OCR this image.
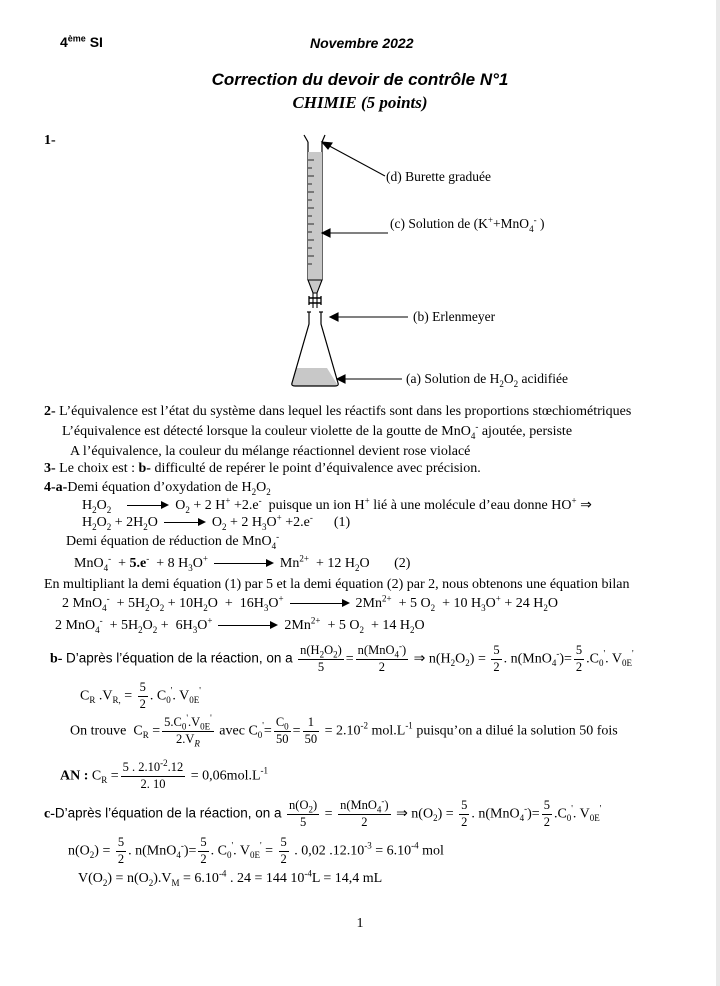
4ème SI	Novembre 2022
Correction du devoir de contrôle N°1
CHIMIE (5 points)
1-
(d) Burette graduée
(c) Solution de (K++MnO$_4$- )
(b) Erlenmeyer
(a) Solution de $H_2O_2$ acidifiée
2- L’équivalence est l’état du système dans lequel les réactifs sont dans les proportions stœchiométriques
L’équivalence est détecté lorsque la couleur violette de la goutte de MnO$_4$- ajoutée, persiste
A l’équivalence, la couleur du mélange réactionnel devient rose violacé
3- Le choix est : b- difficulté de repérer le point d’équivalence avec précision.
4-a-Demi équation d’oxydation de $H_2O_2$
$H_2O_2$	$O_2 + 2$ H+ +2.e- puisque un ion H+ lié à une molécule d’eau donne HO+ ⇒
$H_2O_2 + 2H_2O$	$O_2 + 2$ $H_3O^+ +2.e^-$ (1)
Demi équation de réduction de MnO$_4$-
MnO$_4$-  + 5.e-  + 8 $H_3O^+$	$Mn^{2+} + 12$ $H_2O$       (2)
En multipliant la demi équation (1) par 5 et la demi équation (2) par 2, nous obtenons une équation bilan
2 $MnO_4^- + 5H_2O_2 + 10H_2O + 16H_3O^+$	$2Mn^{2+} + 5$ $O_2 + 10$ $H_3O^+ + 24$ $H_2O$
2 $MnO_4^- + 5H_2O_2 + 6H_3O^+$	$2Mn^{2+} + 5$ $O_2 + 14$ $H_2O$
b- D’après l’équation de la réaction, on a $\frac{n(H_2O_2)}{5} = \frac{n(MnO_4^-)}{2}$ ⇒ $n(H_2O_2) = \frac{5}{2}$ . $n(MnO_4^-)= \frac{5}{2} .C_0'$. $V_{0E}'$
$C_R$ $.V_{R,} = \frac{5}{2}$ . $C_0'$. $V_{0E}'$
On trouve  $C_R = \frac{5.C_0'.V_{0E}'}{2.V_R}$ avec $C_0'= \frac{C_0}{50} = \frac{1}{50} = 2.10^{-2}$ $mol.L^{-1}$ puisqu’on a dilué la solution 50 fois
AN : $C_R = \frac{5 . 2.10^{-2}.12}{2. 10} = 0,06mol.L^{-1}$
c-D’après l’équation de la réaction, on a $\frac{n(O_2)}{5} = \frac{n(MnO_4^-)}{2}$ ⇒ $n(O_2) = \frac{5}{2}$ . $n(MnO_4^-)= \frac{5}{2} .C_0'$. $V_{0E}'$
$n(O_2) = \frac{5}{2}$ . $n(MnO_4^-)= \frac{5}{2}$ . $C_0'$. $V_{0E}' = \frac{5}{2}$ . 0,02 $.12.10^{-3} = 6.10^{-4}$ mol
$V(O_2) = n(O_2).V_M = 6.10^{-4}$ . 24 = 144 $10^{-4}L = 14,4$ mL
1
